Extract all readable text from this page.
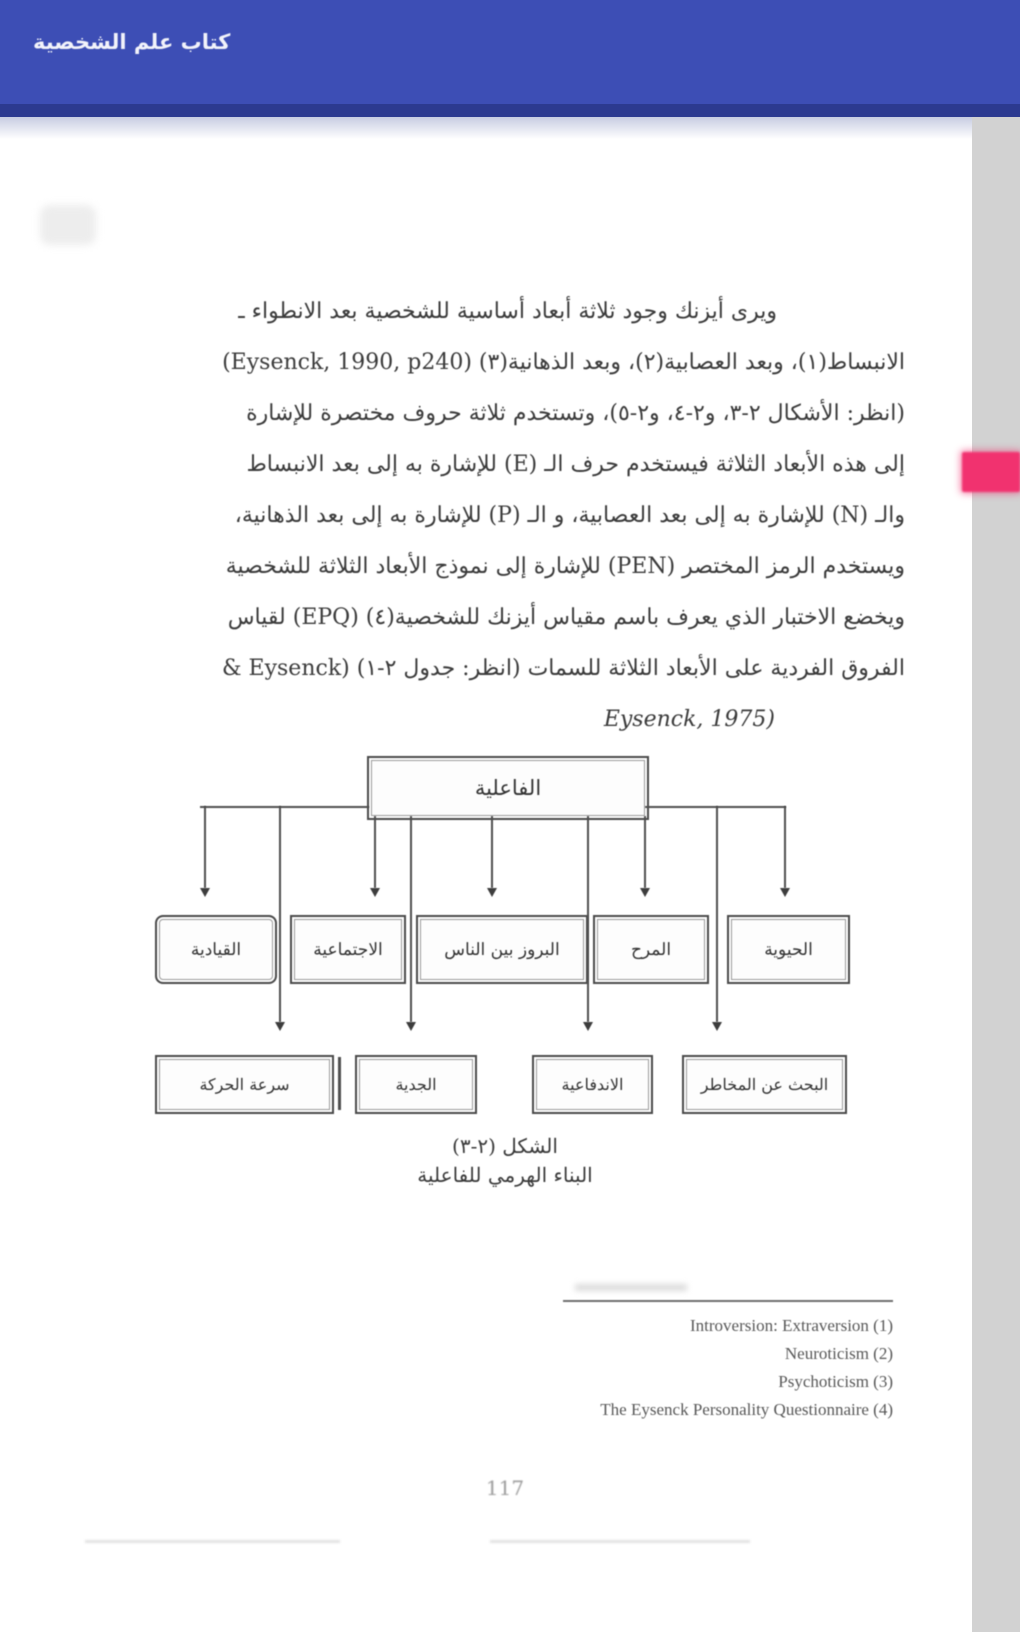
كتاب علم الشخصية
ويرى أيزنك وجود ثلاثة أبعاد أساسية للشخصية بعد الانطواء ـ
الانبساط(١)، وبعد العصابية(٢)، وبعد الذهانية(٣) (Eysenck, 1990, p240)
(انظر: الأشكال ٢-٣، و٢-٤، و٢-٥)، وتستخدم ثلاثة حروف مختصرة للإشارة
إلى هذه الأبعاد الثلاثة فيستخدم حرف الـ (E) للإشارة به إلى بعد الانبساط
والـ (N) للإشارة به إلى بعد العصابية، و الـ (P) للإشارة به إلى بعد الذهانية،
ويستخدم الرمز المختصر (PEN) للإشارة إلى نموذج الأبعاد الثلاثة للشخصية
ويخضع الاختبار الذي يعرف باسم مقياس أيزنك للشخصية(٤) (EPQ) لقياس
الفروق الفردية على الأبعاد الثلاثة للسمات (انظر: جدول ٢-١) (Eysenck &
Eysenck, 1975)
الفاعلية
القيادية	الاجتماعية	البروز بين الناس	المرح	الحيوية
سرعة الحركة	الجدية	الاندفاعية	البحث عن المخاطر
الشكل (٢-٣)
البناء الهرمي للفاعلية
Introversion: Extraversion (1)
Neuroticism (2)
Psychoticism (3)
The Eysenck Personality Questionnaire (4)
117
